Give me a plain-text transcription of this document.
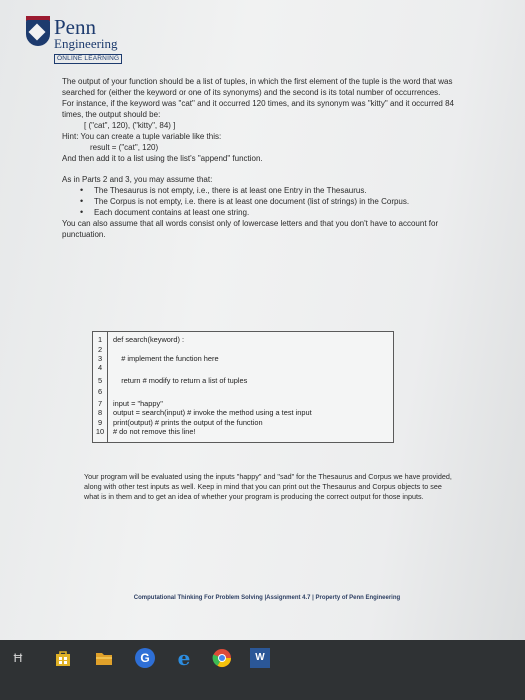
Penn
Engineering
ONLINE LEARNING

The output of your function should be a list of tuples, in which the first element of the tuple is the word that was searched for (either the keyword or one of its synonyms) and the second is its total number of occurrences.

For instance, if the keyword was "cat" and it occurred 120 times, and its synonym was "kitty" and it occurred 84 times, the output should be:

[ ("cat", 120), ("kitty", 84) ]

Hint: You can create a tuple variable like this:

result = ("cat", 120)

And then add it to a list using the list's "append" function.

As in Parts 2 and 3, you may assume that:

• The Thesaurus is not empty, i.e., there is at least one Entry in the Thesaurus.
• The Corpus is not empty, i.e. there is at least one document (list of strings) in the Corpus.
• Each document contains at least one string.

You can also assume that all words consist only of lowercase letters and that you don't have to account for punctuation.

1
2
3
4
5
6
7
8
9
10
def search(keyword) :
# implement the function here
return # modify to return a list of tuples
input = "happy"
output = search(input) # invoke the method using a test input
print(output) # prints the output of the function
# do not remove this line!

Your program will be evaluated using the inputs "happy" and "sad" for the Thesaurus and Corpus we have provided, along with other test inputs as well. Keep in mind that you can print out the Thesaurus and Corpus objects to see what is in them and to get an idea of whether your program is producing the correct output for those inputs.

Computational Thinking For Problem Solving |Assignment 4.7 | Property of Penn Engineering
Ħ	G e	W
